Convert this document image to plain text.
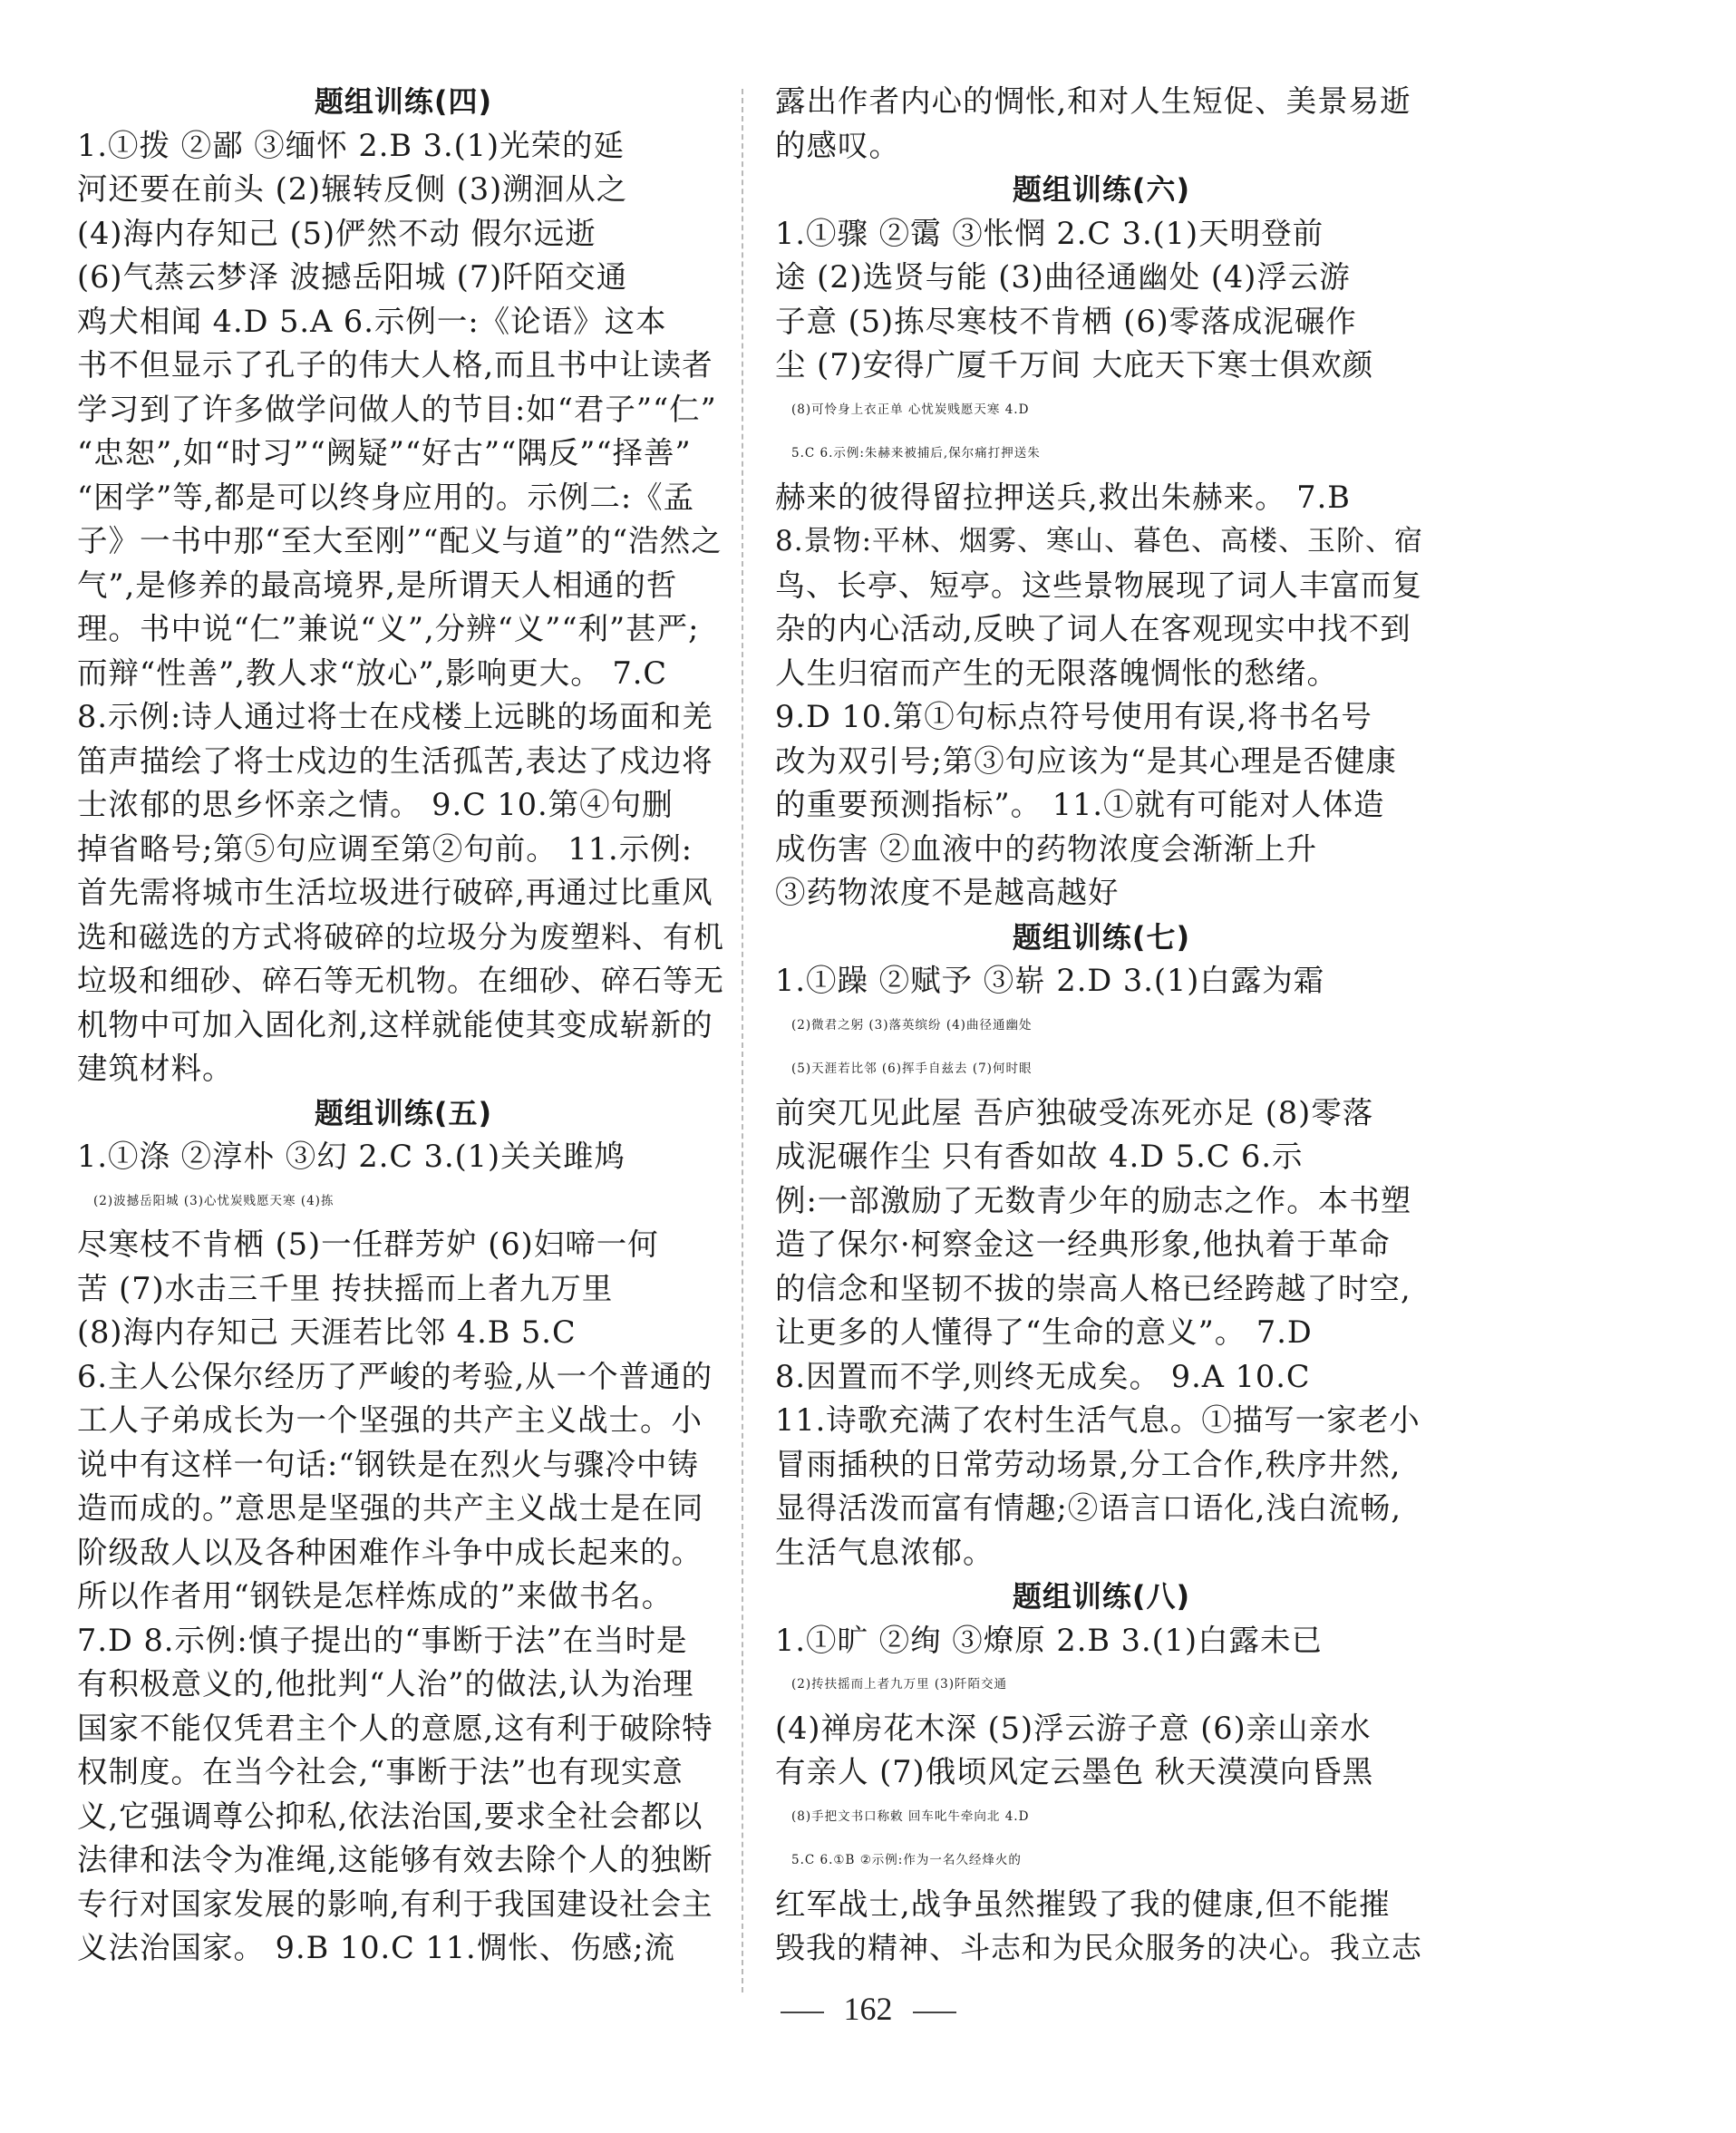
题组训练(四)
1.①拨 ②鄙 ③缅怀 2.B 3.(1)光荣的延
河还要在前头 (2)辗转反侧 (3)溯洄从之
(4)海内存知己 (5)俨然不动 假尔远逝
(6)气蒸云梦泽 波撼岳阳城 (7)阡陌交通
鸡犬相闻 4.D 5.A 6.示例一:《论语》这本
书不但显示了孔子的伟大人格,而且书中让读者
学习到了许多做学问做人的节目:如“君子”“仁”
“忠恕”,如“时习”“阙疑”“好古”“隅反”“择善”
“困学”等,都是可以终身应用的。示例二:《孟
子》一书中那“至大至刚”“配义与道”的“浩然之
气”,是修养的最高境界,是所谓天人相通的哲
理。书中说“仁”兼说“义”,分辨“义”“利”甚严;
而辩“性善”,教人求“放心”,影响更大。 7.C
8.示例:诗人通过将士在戍楼上远眺的场面和羌
笛声描绘了将士戍边的生活孤苦,表达了戍边将
士浓郁的思乡怀亲之情。 9.C 10.第④句删
掉省略号;第⑤句应调至第②句前。 11.示例:
首先需将城市生活垃圾进行破碎,再通过比重风
选和磁选的方式将破碎的垃圾分为废塑料、有机
垃圾和细砂、碎石等无机物。在细砂、碎石等无
机物中可加入固化剂,这样就能使其变成崭新的
建筑材料。
题组训练(五)
1.①涤 ②淳朴 ③幻 2.C 3.(1)关关雎鸠
(2)波撼岳阳城 (3)心忧炭贱愿天寒 (4)拣
尽寒枝不肯栖 (5)一任群芳妒 (6)妇啼一何
苦 (7)水击三千里 抟扶摇而上者九万里
(8)海内存知己 天涯若比邻 4.B 5.C
6.主人公保尔经历了严峻的考验,从一个普通的
工人子弟成长为一个坚强的共产主义战士。小
说中有这样一句话:“钢铁是在烈火与骤冷中铸
造而成的。”意思是坚强的共产主义战士是在同
阶级敌人以及各种困难作斗争中成长起来的。
所以作者用“钢铁是怎样炼成的”来做书名。
7.D 8.示例:慎子提出的“事断于法”在当时是
有积极意义的,他批判“人治”的做法,认为治理
国家不能仅凭君主个人的意愿,这有利于破除特
权制度。在当今社会,“事断于法”也有现实意
义,它强调尊公抑私,依法治国,要求全社会都以
法律和法令为准绳,这能够有效去除个人的独断
专行对国家发展的影响,有利于我国建设社会主
义法治国家。 9.B 10.C 11.惆怅、伤感;流
露出作者内心的惆怅,和对人生短促、美景易逝
的感叹。
题组训练(六)
1.①骤 ②霭 ③怅惘 2.C 3.(1)天明登前
途 (2)选贤与能 (3)曲径通幽处 (4)浮云游
子意 (5)拣尽寒枝不肯栖 (6)零落成泥碾作
尘 (7)安得广厦千万间 大庇天下寒士俱欢颜
(8)可怜身上衣正单 心忧炭贱愿天寒 4.D
5.C 6.示例:朱赫来被捕后,保尔痛打押送朱
赫来的彼得留拉押送兵,救出朱赫来。 7.B
8.景物:平林、烟雾、寒山、暮色、高楼、玉阶、宿
鸟、长亭、短亭。这些景物展现了词人丰富而复
杂的内心活动,反映了词人在客观现实中找不到
人生归宿而产生的无限落魄惆怅的愁绪。
9.D 10.第①句标点符号使用有误,将书名号
改为双引号;第③句应该为“是其心理是否健康
的重要预测指标”。 11.①就有可能对人体造
成伤害 ②血液中的药物浓度会渐渐上升
③药物浓度不是越高越好
题组训练(七)
1.①躁 ②赋予 ③崭 2.D 3.(1)白露为霜
(2)微君之躬 (3)落英缤纷 (4)曲径通幽处
(5)天涯若比邻 (6)挥手自兹去 (7)何时眼
前突兀见此屋 吾庐独破受冻死亦足 (8)零落
成泥碾作尘 只有香如故 4.D 5.C 6.示
例:一部激励了无数青少年的励志之作。本书塑
造了保尔·柯察金这一经典形象,他执着于革命
的信念和坚韧不拔的崇高人格已经跨越了时空,
让更多的人懂得了“生命的意义”。 7.D
8.因置而不学,则终无成矣。 9.A 10.C
11.诗歌充满了农村生活气息。①描写一家老小
冒雨插秧的日常劳动场景,分工合作,秩序井然,
显得活泼而富有情趣;②语言口语化,浅白流畅,
生活气息浓郁。
题组训练(八)
1.①旷 ②绚 ③燎原 2.B 3.(1)白露未已
(2)抟扶摇而上者九万里 (3)阡陌交通
(4)禅房花木深 (5)浮云游子意 (6)亲山亲水
有亲人 (7)俄顷风定云墨色 秋天漠漠向昏黑
(8)手把文书口称敕 回车叱牛牵向北 4.D
5.C 6.①B ②示例:作为一名久经烽火的
红军战士,战争虽然摧毁了我的健康,但不能摧
毁我的精神、斗志和为民众服务的决心。我立志
162
